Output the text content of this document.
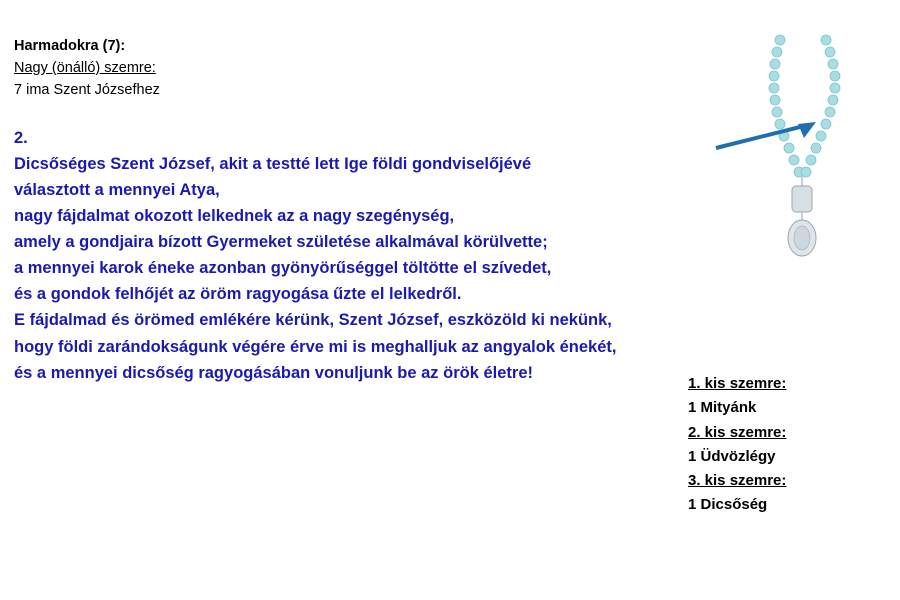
Harmadokra (7):
Nagy (önálló) szemre:
7 ima Szent Józsefhez

2.

Dicsőséges Szent József, akit a testté lett Ige földi gondviselőjévé

választott a mennyei Atya,

nagy fájdalmat okozott lelkednek az a nagy szegénység,

amely a gondjaira bízott Gyermeket születése alkalmával körülvette;

a mennyei karok éneke azonban gyönyörűséggel töltötte el szívedet,

és a gondok felhőjét az öröm ragyogása űzte el lelkedről.

E fájdalmad és örömed emlékére kérünk, Szent József, eszközöld ki nekünk,

hogy földi zarándokságunk végére érve mi is meghalljuk az angyalok énekét,

és a mennyei dicsőség ragyogásában vonuljunk be az örök életre!

1. kis szemre:
1 Mityánk
2. kis szemre:
1 Üdvözlégy
3. kis szemre:
1 Dicsőség
